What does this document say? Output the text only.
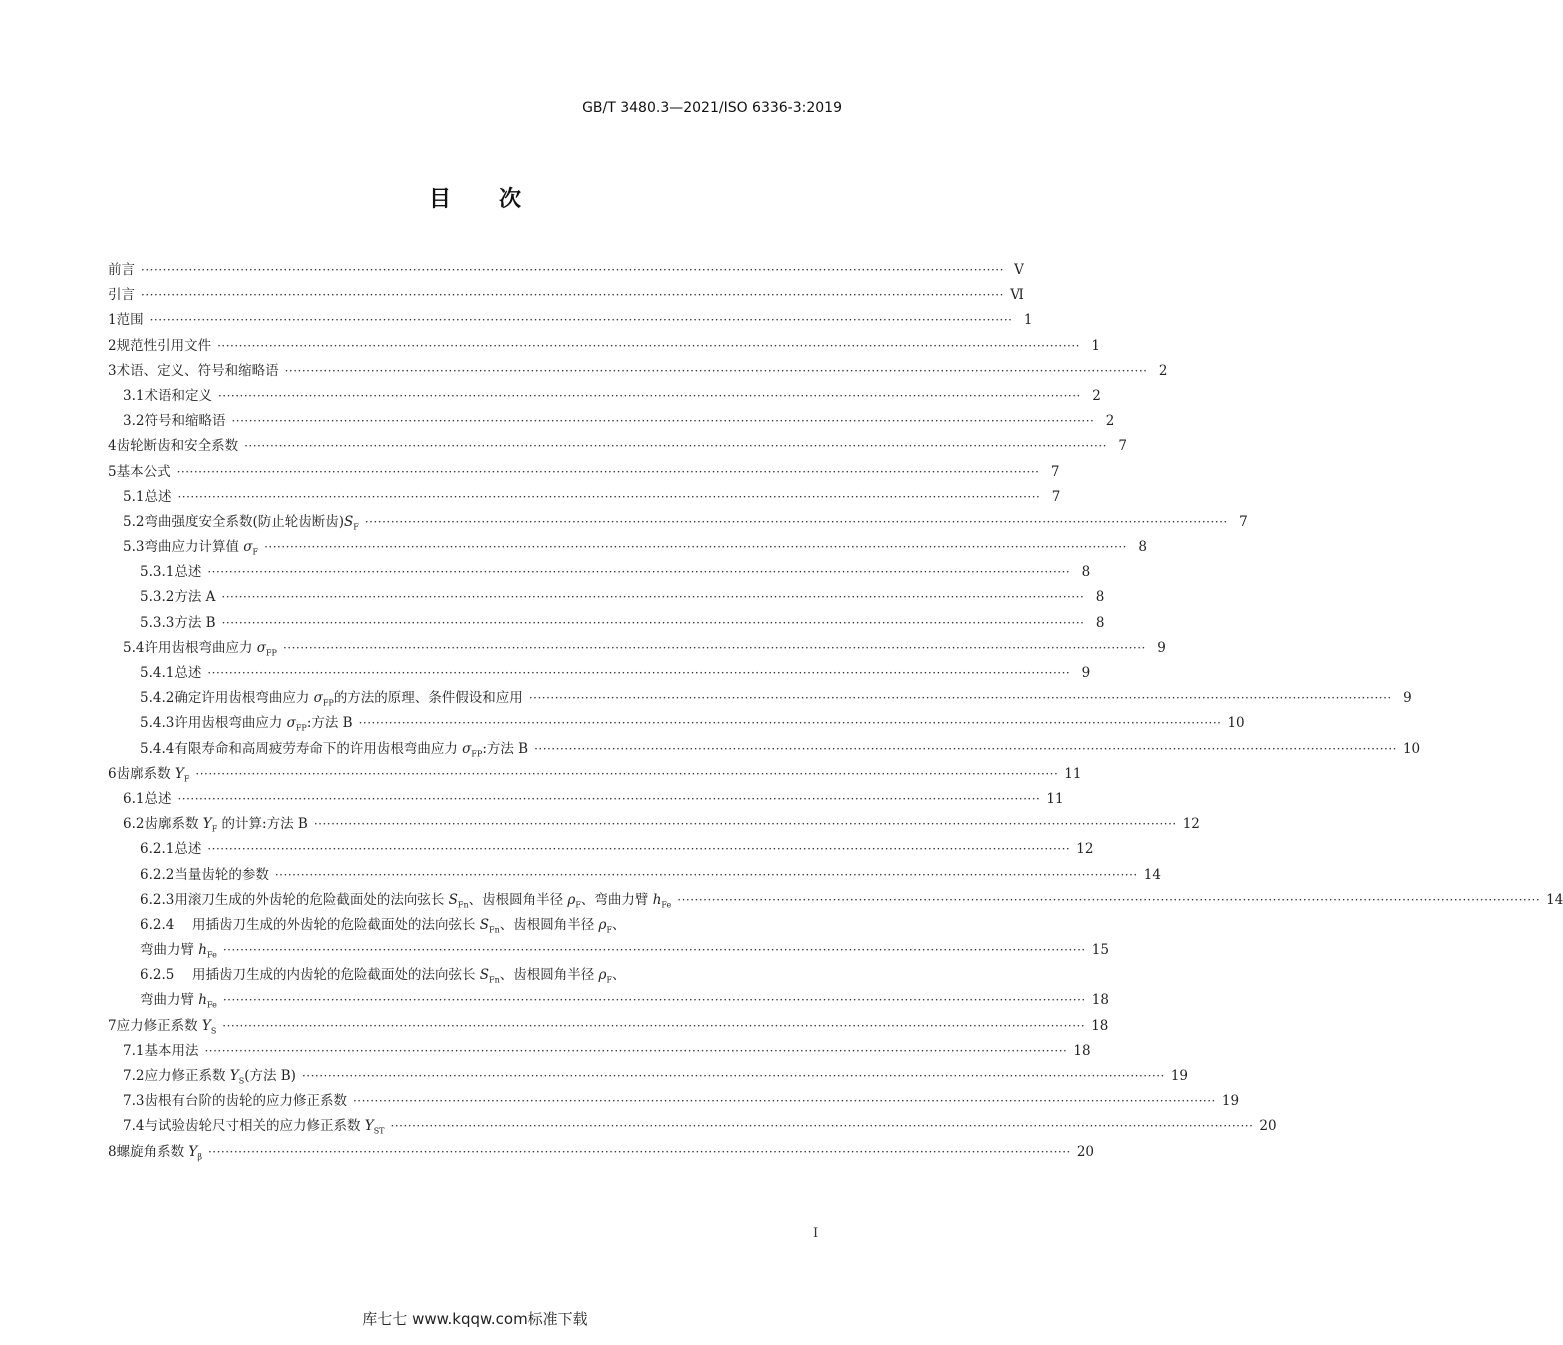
GB/T 3480.3—2021/ISO 6336-3:2019
目次
前言 ········································································································································································································ Ⅴ
引言 ········································································································································································································ Ⅵ
1 范围 ········································································································································································································ 1
2 规范性引用文件 ········································································································································································································ 1
3 术语、定义、符号和缩略语 ········································································································································································································ 2
3.1 术语和定义 ········································································································································································································ 2
3.2 符号和缩略语 ········································································································································································································ 2
4 齿轮断齿和安全系数 ········································································································································································································ 7
5 基本公式 ········································································································································································································ 7
5.1 总述 ········································································································································································································ 7
5.2 弯曲强度安全系数(防止轮齿断齿)$S_F$ ········································································································································································································ 7
5.3 弯曲应力计算值 $\sigma_F$ ········································································································································································································ 8
5.3.1 总述 ········································································································································································································ 8
5.3.2 方法 A ········································································································································································································ 8
5.3.3 方法 B ········································································································································································································ 8
5.4 许用齿根弯曲应力 $\sigma_{FP}$ ········································································································································································································ 9
5.4.1 总述 ········································································································································································································ 9
5.4.2 确定许用齿根弯曲应力 $\sigma_{FP}$的方法的原理、条件假设和应用 ········································································································································································································ 9
5.4.3 许用齿根弯曲应力 $\sigma_{FP}$:方法 B ········································································································································································································ 10
5.4.4 有限寿命和高周疲劳寿命下的许用齿根弯曲应力 $\sigma_{FP}$:方法 B ········································································································································································································ 10
6 齿廓系数 $Y_F$ ········································································································································································································ 11
6.1 总述 ········································································································································································································ 11
6.2 齿廓系数 $Y_F$ 的计算:方法 B ········································································································································································································ 12
6.2.1 总述 ········································································································································································································ 12
6.2.2 当量齿轮的参数 ········································································································································································································ 14
6.2.3 用滚刀生成的外齿轮的危险截面处的法向弦长 $S_{Fn}$、齿根圆角半径 $\rho_F$、弯曲力臂 $h_{Fe}$ ········································································································································································································ 14
6.2.4	用插齿刀生成的外齿轮的危险截面处的法向弦长 $S_{Fn}$、齿根圆角半径 $\rho_F$、
弯曲力臂 $h_{Fe}$ ········································································································································································································ 15
6.2.5	用插齿刀生成的内齿轮的危险截面处的法向弦长 $S_{Fn}$、齿根圆角半径 $\rho_F$、
弯曲力臂 $h_{Fe}$ ········································································································································································································ 18
7 应力修正系数 $Y_S$ ········································································································································································································ 18
7.1 基本用法 ········································································································································································································ 18
7.2 应力修正系数 $Y_S$(方法 B) ········································································································································································································ 19
7.3 齿根有台阶的齿轮的应力修正系数 ········································································································································································································ 19
7.4 与试验齿轮尺寸相关的应力修正系数 $Y_{ST}$ ········································································································································································································ 20
8 螺旋角系数 $Y_\beta$ ········································································································································································································ 20
Ⅰ
库七七 www.kqqw.com标准下载
